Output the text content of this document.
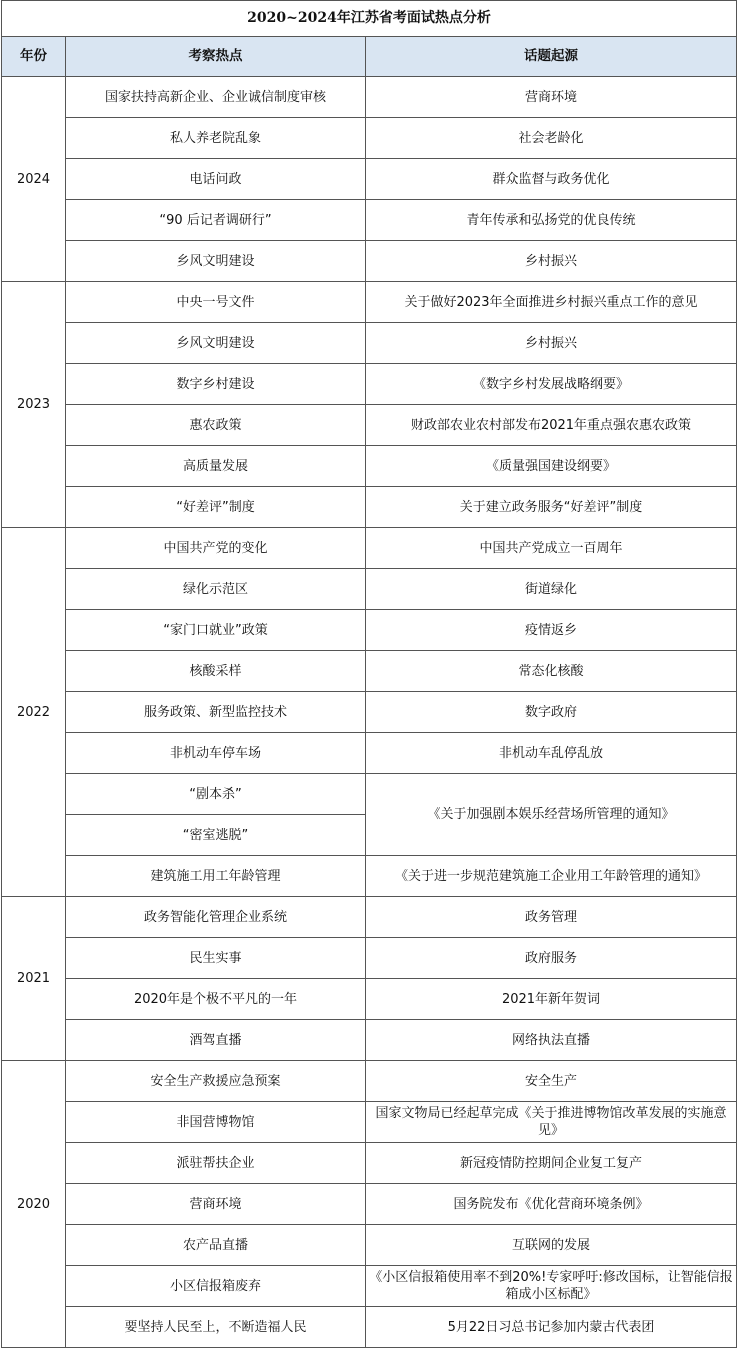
2020~2024年江苏省考面试热点分析		
年份	考察热点	话题起源
2024	国家扶持高新企业、企业诚信制度审核	营商环境
	私人养老院乱象	社会老龄化
	电话问政	群众监督与政务优化
	“90 后记者调研行”	青年传承和弘扬党的优良传统
	乡风文明建设	乡村振兴
2023	中央一号文件	关于做好2023年全面推进乡村振兴重点工作的意见
	乡风文明建设	乡村振兴
	数字乡村建设	《数字乡村发展战略纲要》
	惠农政策	财政部农业农村部发布2021年重点强农惠农政策
	高质量发展	《质量强国建设纲要》
	“好差评”制度	关于建立政务服务“好差评”制度
2022	中国共产党的变化	中国共产党成立一百周年
	绿化示范区	街道绿化
	“家门口就业”政策	疫情返乡
	核酸采样	常态化核酸
	服务政策、新型监控技术	数字政府
	非机动车停车场	非机动车乱停乱放
	“剧本杀”	《关于加强剧本娱乐经营场所管理的通知》
	“密室逃脱”	
	建筑施工用工年龄管理	《关于进一步规范建筑施工企业用工年龄管理的通知》
2021	政务智能化管理企业系统	政务管理
	民生实事	政府服务
	2020年是个极不平凡的一年	2021年新年贺词
	酒驾直播	网络执法直播
2020	安全生产救援应急预案	安全生产
	非国营博物馆	国家文物局已经起草完成《关于推进博物馆改革发展的实施意见》
	派驻帮扶企业	新冠疫情防控期间企业复工复产
	营商环境	国务院发布《优化营商环境条例》
	农产品直播	互联网的发展
	小区信报箱废弃	《小区信报箱使用率不到20%!专家呼吁:修改国标，让智能信报箱成小区标配》
	要坚持人民至上，不断造福人民	5月22日习总书记参加内蒙古代表团
